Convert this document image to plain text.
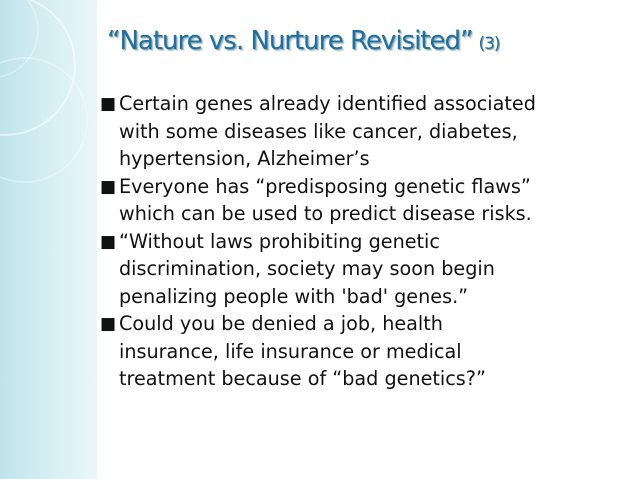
“Nature vs. Nurture Revisited” (3)
■ Certain genes already identified associated
with some diseases like cancer, diabetes,
hypertension, Alzheimer’s
■ Everyone has “predisposing genetic flaws”
which can be used to predict disease risks.
■ “Without laws prohibiting genetic
discrimination, society may soon begin
penalizing people with 'bad' genes.”
■ Could you be denied a job, health
insurance, life insurance or medical
treatment because of “bad genetics?”
